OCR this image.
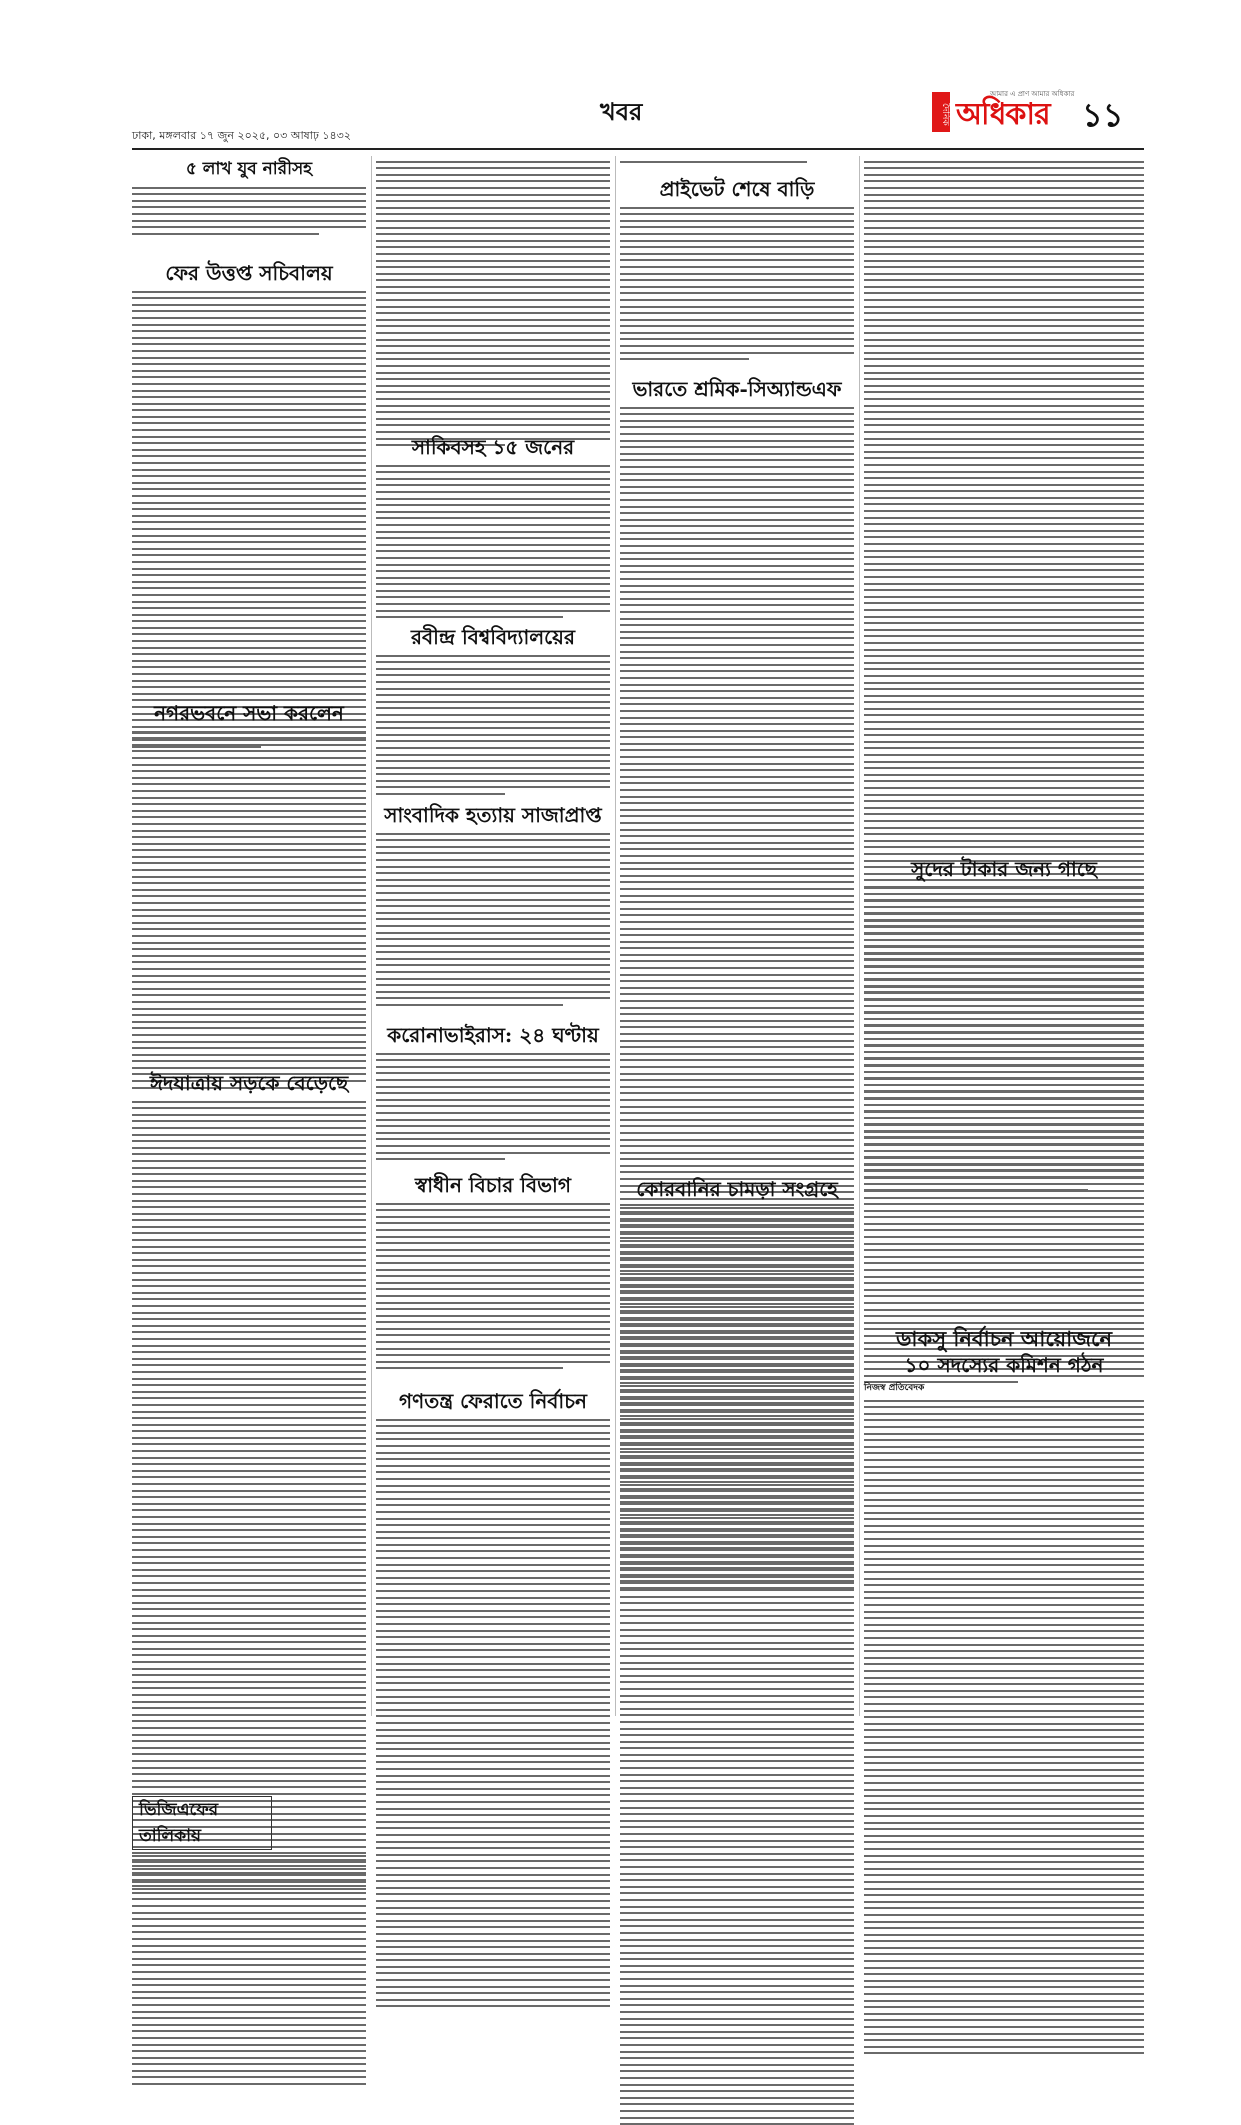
ঢাকা, মঙ্গলবার ১৭ জুন ২০২৫, ০৩ আষাঢ় ১৪৩২
খবর	দৈনিক
আমার এ প্রাণ আমার অধিকার
অধিকার ১১
৫ লাখ যুব নারীসহ
ফের উত্তপ্ত সচিবালয়
নগরভবনে সভা করলেন
ঈদযাত্রায় সড়কে বেড়েছে
ভিজিএফের তালিকায়
সাকিবসহ ১৫ জনের
রবীন্দ্র বিশ্ববিদ্যালয়ের
সাংবাদিক হত্যায় সাজাপ্রাপ্ত
করোনাভাইরাস: ২৪ ঘণ্টায়
স্বাধীন বিচার বিভাগ
গণতন্ত্র ফেরাতে নির্বাচন
প্রাইভেট শেষে বাড়ি
ভারতে শ্রমিক-সিঅ্যান্ডএফ
কোরবানির চামড়া সংগ্রহে
সুদের টাকার জন্য গাছে
ডাকসু নির্বাচন আয়োজনে
১০ সদস্যের কমিশন গঠন
নিজস্ব প্রতিবেদক
